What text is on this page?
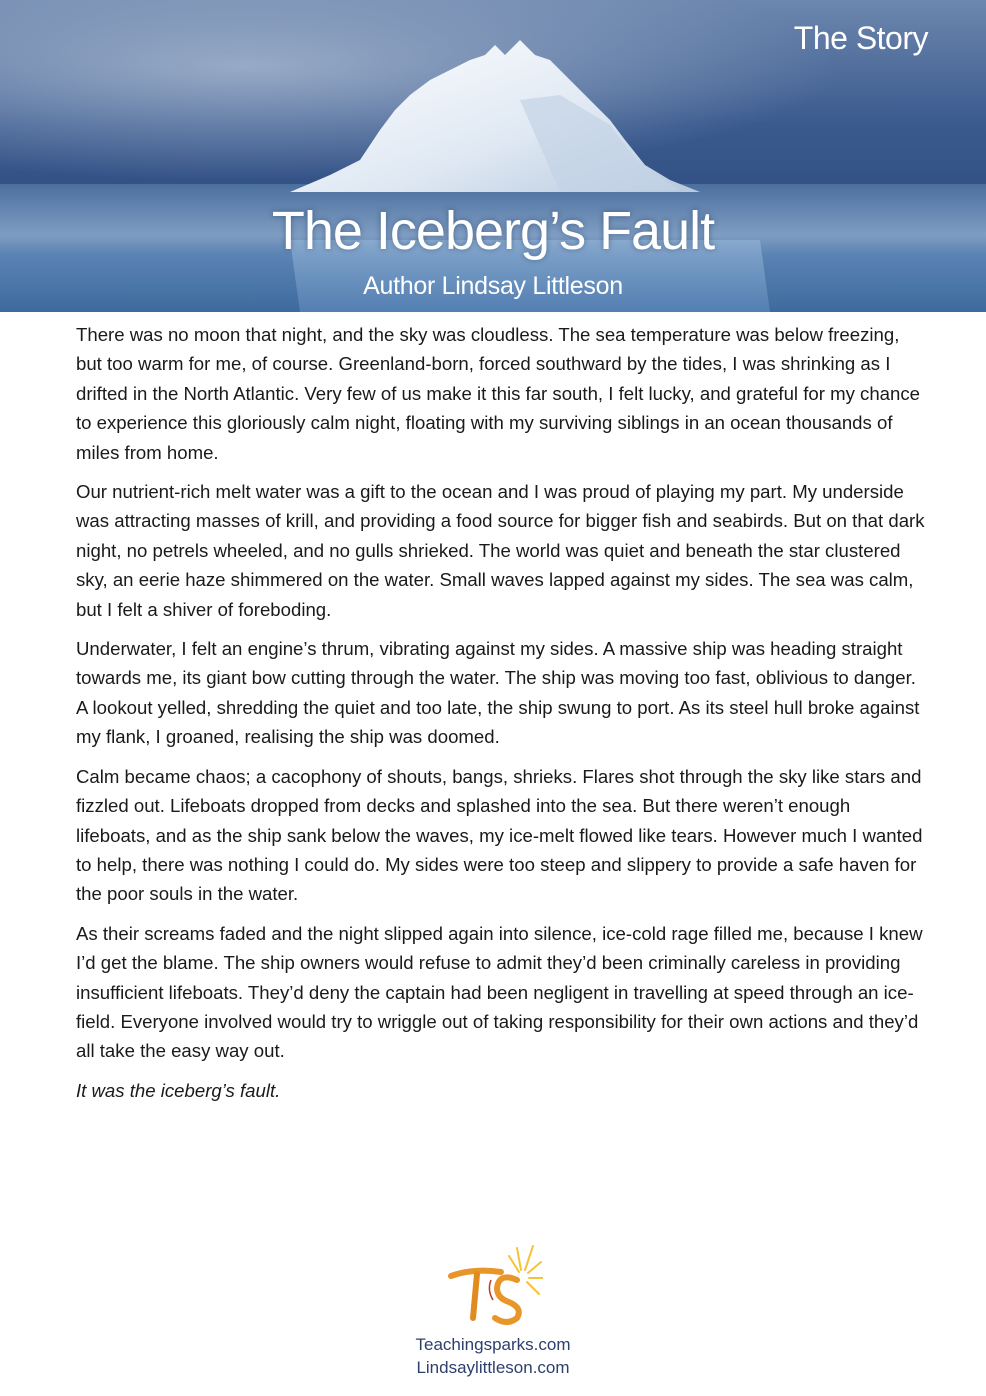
The Story
The Iceberg’s Fault
Author Lindsay Littleson

There was no moon that night, and the sky was cloudless. The sea temperature was below freezing, but too warm for me, of course. Greenland-born, forced southward by the tides, I was shrinking as I drifted in the North Atlantic. Very few of us make it this far south, I felt lucky, and grateful for my chance to experience this gloriously calm night, floating with my surviving siblings in an ocean thousands of miles from home.

Our nutrient-rich melt water was a gift to the ocean and I was proud of playing my part. My underside was attracting masses of krill, and providing a food source for bigger fish and seabirds. But on that dark night, no petrels wheeled, and no gulls shrieked. The world was quiet and beneath the star clustered sky, an eerie haze shimmered on the water. Small waves lapped against my sides. The sea was calm, but I felt a shiver of foreboding.

Underwater, I felt an engine’s thrum, vibrating against my sides. A massive ship was heading straight towards me, its giant bow cutting through the water. The ship was moving too fast, oblivious to danger. A lookout yelled, shredding the quiet and too late, the ship swung to port. As its steel hull broke against my flank, I groaned, realising the ship was doomed.

Calm became chaos; a cacophony of shouts, bangs, shrieks. Flares shot through the sky like stars and fizzled out. Lifeboats dropped from decks and splashed into the sea. But there weren’t enough lifeboats, and as the ship sank below the waves, my ice-melt flowed like tears. However much I wanted to help, there was nothing I could do. My sides were too steep and slippery to provide a safe haven for the poor souls in the water.

As their screams faded and the night slipped again into silence, ice-cold rage filled me, because I knew I’d get the blame. The ship owners would refuse to admit they’d been criminally careless in providing insufficient lifeboats. They’d deny the captain had been negligent in travelling at speed through an ice-field. Everyone involved would try to wriggle out of taking responsibility for their own actions and they’d all take the easy way out.

It was the iceberg’s fault.

Teachingsparks.com
Lindsaylittleson.com
